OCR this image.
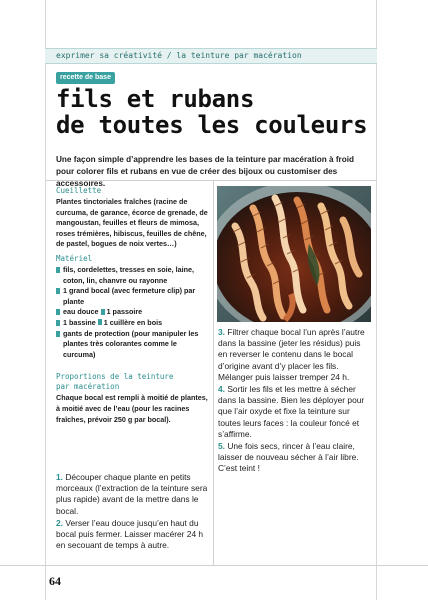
exprimer sa créativité / la teinture par macération
recette de base
fils et rubans
de toutes les couleurs

Une façon simple d’apprendre les bases de la teinture par macération à froid pour colorer fils et rubans en vue de créer des bijoux ou customiser des accessoires.

Cueillette

Plantes tinctoriales fraîches (racine de curcuma, de garance, écorce de grenade, de mangoustan, feuilles et fleurs de mimosa, roses trémières, hibiscus, feuilles de chêne, de pastel, bogues de noix vertes…)

Matériel

fils, cordelettes, tresses en soie, laine, coton, lin, chanvre ou rayonne
1 grand bocal (avec fermeture clip) par plante
eau douce 1 passoire
1 bassine 1 cuillère en bois
gants de protection (pour manipuler les plantes très colorantes comme le curcuma)

Proportions de la teinture
par macération

Chaque bocal est rempli à moitié de plantes, à moitié avec de l’eau (pour les racines fraîches, prévoir 250 g par bocal).

1. Découper chaque plante en petits morceaux (l’extraction de la teinture sera plus rapide) avant de la mettre dans le bocal.

2. Verser l’eau douce jusqu’en haut du bocal puis fermer. Laisser macérer 24 h en secouant de temps à autre.

3. Filtrer chaque bocal l’un après l’autre dans la bassine (jeter les résidus) puis en reverser le contenu dans le bocal d’origine avant d’y placer les fils. Mélanger puis laisser tremper 24 h.

4. Sortir les fils et les mettre à sécher dans la bassine. Bien les déployer pour que l’air oxyde et fixe la teinture sur toutes leurs faces : la couleur foncé et s’affirme.

5. Une fois secs, rincer à l’eau claire, laisser de nouveau sécher à l’air libre. C’est teint !

64
